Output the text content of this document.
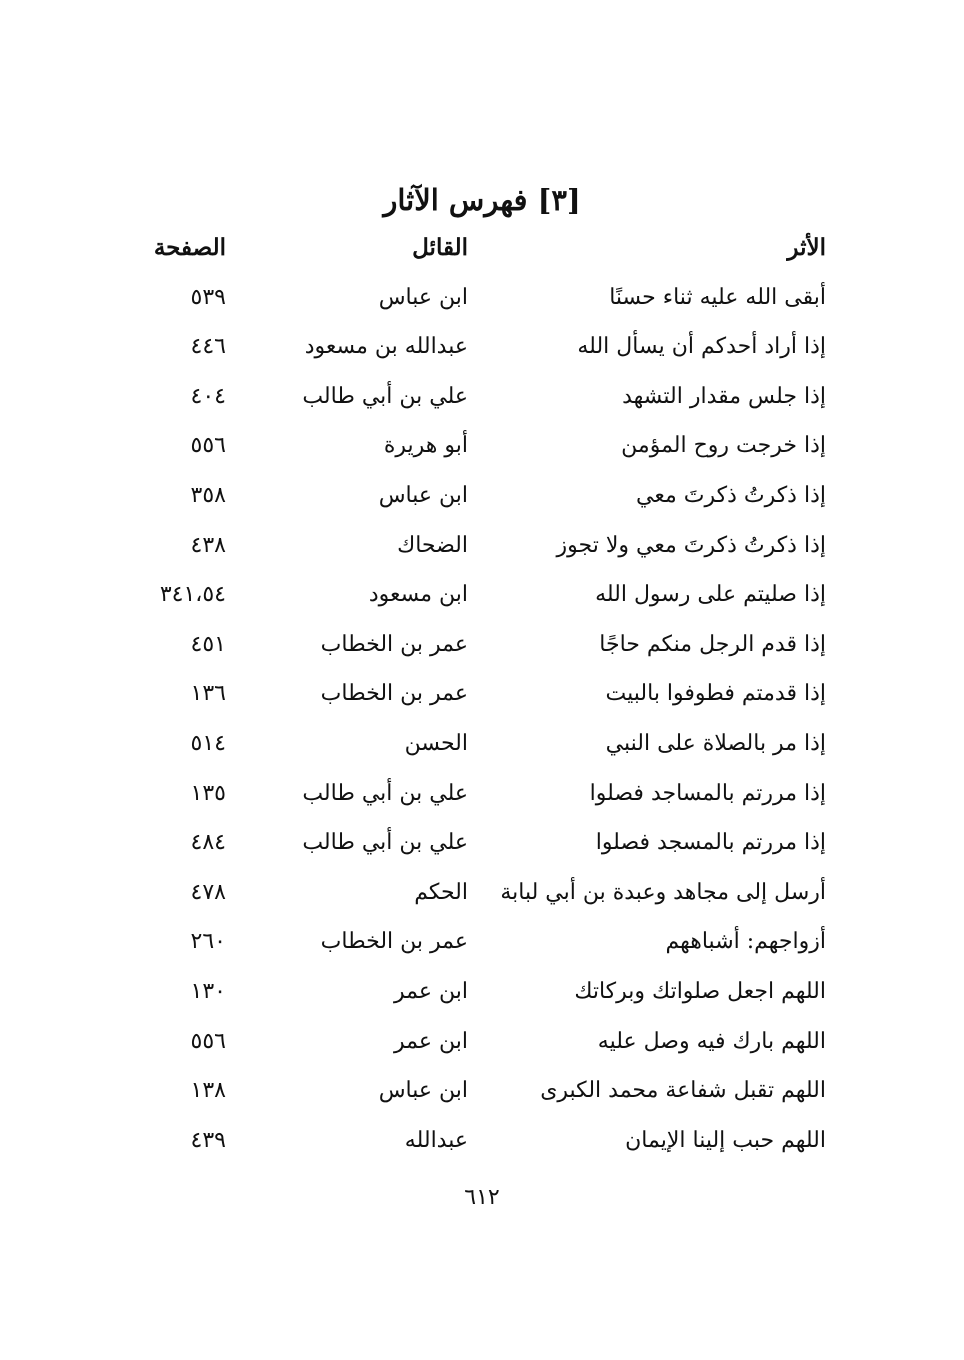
[٣] فهرس الآثار
الأثر
القائل
الصفحة
أبقى الله عليه ثناء حسنًا
ابن عباس
٥٣٩
إذا أراد أحدكم أن يسأل الله
عبدالله بن مسعود
٤٤٦
إذا جلس مقدار التشهد
علي بن أبي طالب
٤٠٤
إذا خرجت روح المؤمن
أبو هريرة
٥٥٦
إذا ذكرتُ ذكرتَ معي
ابن عباس
٣٥٨
إذا ذكرتُ ذكرتَ معي ولا تجوز
الضحاك
٤٣٨
إذا صليتم على رسول الله
ابن مسعود
٣٤١،٥٤
إذا قدم الرجل منكم حاجًا
عمر بن الخطاب
٤٥١
إذا قدمتم فطوفوا بالبيت
عمر بن الخطاب
١٣٦
إذا مر بالصلاة على النبي
الحسن
٥١٤
إذا مررتم بالمساجد فصلوا
علي بن أبي طالب
١٣٥
إذا مررتم بالمسجد فصلوا
علي بن أبي طالب
٤٨٤
أرسل إلى مجاهد وعبدة بن أبي لبابة
الحكم
٤٧٨
أزواجهم: أشباههم
عمر بن الخطاب
٢٦٠
اللهم اجعل صلواتك وبركاتك
ابن عمر
١٣٠
اللهم بارك فيه وصل عليه
ابن عمر
٥٥٦
اللهم تقبل شفاعة محمد الكبرى
ابن عباس
١٣٨
اللهم حبب إلينا الإيمان
عبدالله
٤٣٩
٦١٢
